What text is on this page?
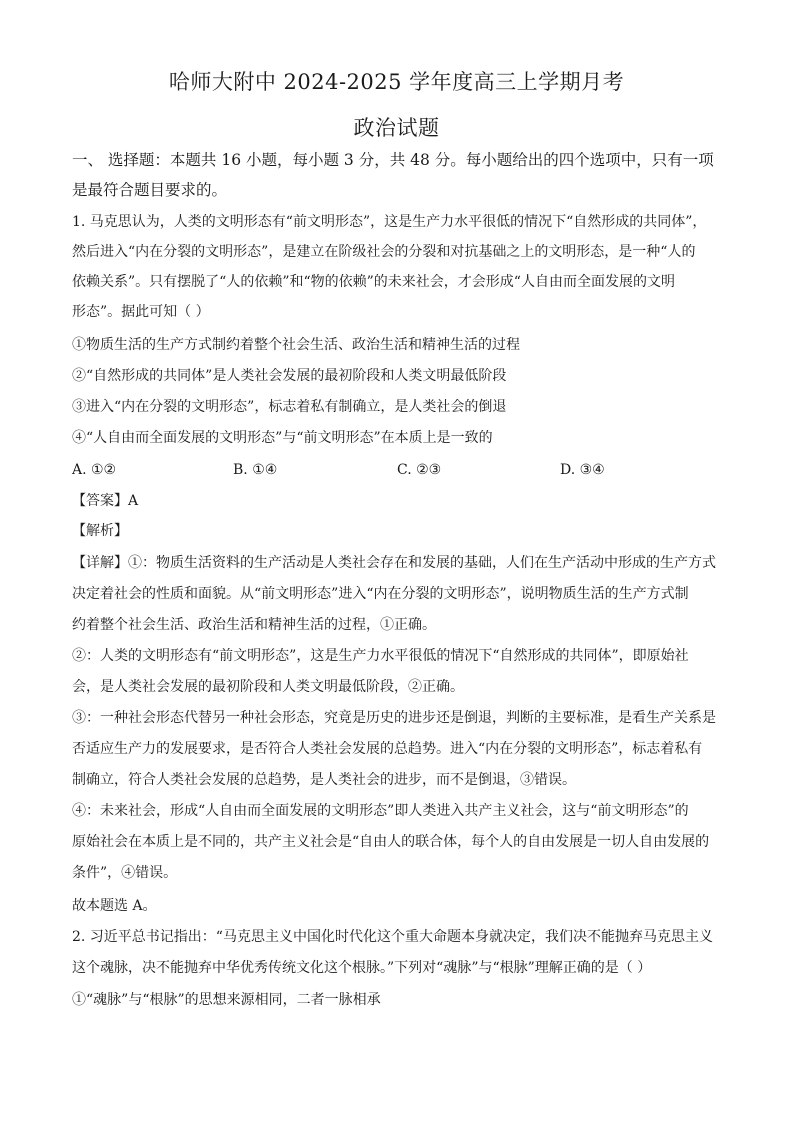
哈师大附中 2024-2025 学年度高三上学期月考
政治试题
一、 选择题：本题共 16 小题，每小题 3 分，共 48 分。每小题给出的四个选项中，只有一项
是最符合题目要求的。
1. 马克思认为，人类的文明形态有“前文明形态”，这是生产力水平很低的情况下“自然形成的共同体”，
然后进入“内在分裂的文明形态”，是建立在阶级社会的分裂和对抗基础之上的文明形态，是一种“人的
依赖关系”。只有摆脱了“人的依赖”和“物的依赖”的未来社会，才会形成“人自由而全面发展的文明
形态”。据此可知（ ）
①物质生活的生产方式制约着整个社会生活、政治生活和精神生活的过程
②“自然形成的共同体”是人类社会发展的最初阶段和人类文明最低阶段
③进入“内在分裂的文明形态”，标志着私有制确立，是人类社会的倒退
④“人自由而全面发展的文明形态”与“前文明形态”在本质上是一致的
A. ①②	B. ①④	C. ②③	D. ③④
【答案】A
【解析】
【详解】①：物质生活资料的生产活动是人类社会存在和发展的基础，人们在生产活动中形成的生产方式
决定着社会的性质和面貌。从“前文明形态”进入“内在分裂的文明形态”，说明物质生活的生产方式制
约着整个社会生活、政治生活和精神生活的过程，①正确。
②：人类的文明形态有“前文明形态”，这是生产力水平很低的情况下“自然形成的共同体”，即原始社
会，是人类社会发展的最初阶段和人类文明最低阶段，②正确。
③：一种社会形态代替另一种社会形态，究竟是历史的进步还是倒退，判断的主要标准，是看生产关系是
否适应生产力的发展要求，是否符合人类社会发展的总趋势。进入“内在分裂的文明形态”，标志着私有
制确立，符合人类社会发展的总趋势，是人类社会的进步，而不是倒退，③错误。
④：未来社会，形成“人自由而全面发展的文明形态”即人类进入共产主义社会，这与“前文明形态”的
原始社会在本质上是不同的，共产主义社会是“自由人的联合体，每个人的自由发展是一切人自由发展的
条件”，④错误。
故本题选 A。
2. 习近平总书记指出：“马克思主义中国化时代化这个重大命题本身就决定，我们决不能抛弃马克思主义
这个魂脉，决不能抛弃中华优秀传统文化这个根脉。”下列对“魂脉”与“根脉”理解正确的是（ ）
①“魂脉”与“根脉”的思想来源相同，二者一脉相承
